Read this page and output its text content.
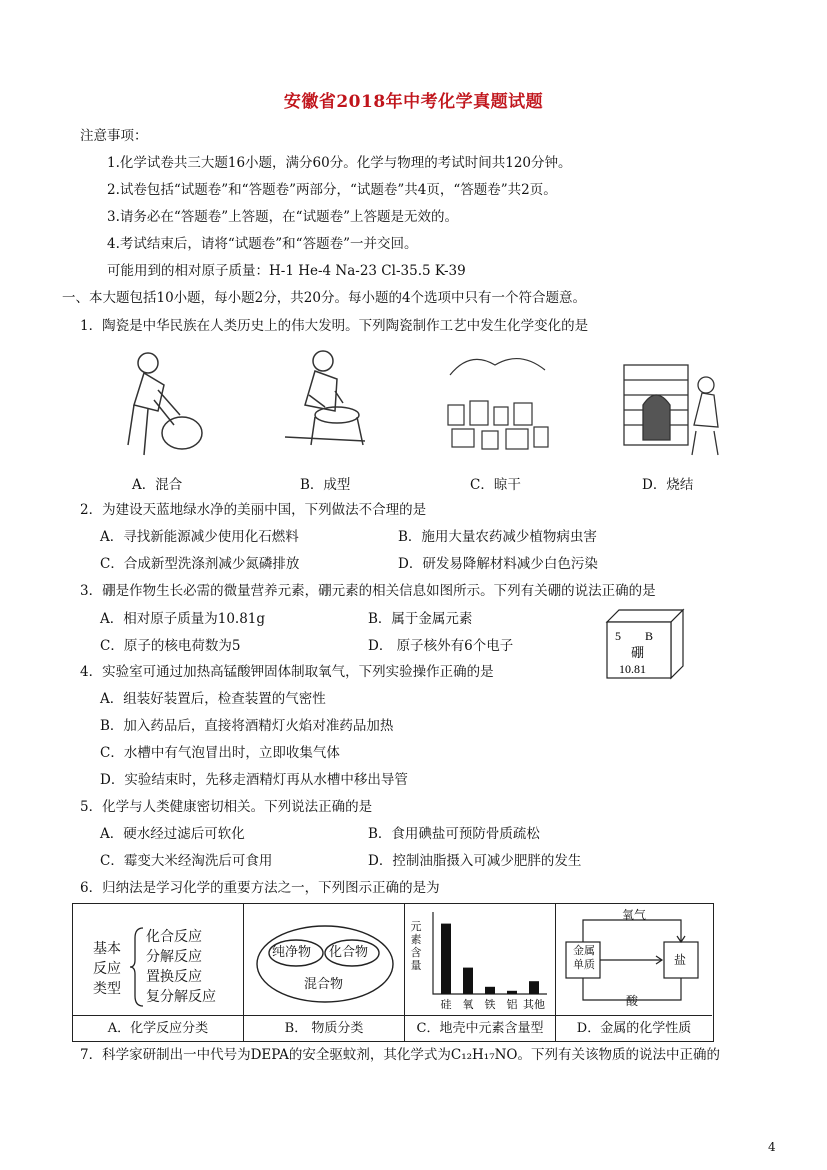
安徽省2018年中考化学真题试题
注意事项：
1.化学试卷共三大题16小题，满分60分。化学与物理的考试时间共120分钟。
2.试卷包括“试题卷”和“答题卷”两部分，“试题卷”共4页，“答题卷”共2页。
3.请务必在“答题卷”上答题，在“试题卷”上答题是无效的。
4.考试结束后，请将“试题卷”和“答题卷”一并交回。
可能用到的相对原子质量：H-1 He-4 Na-23 Cl-35.5 K-39
一、本大题包括10小题，每小题2分，共20分。每小题的4个选项中只有一个符合题意。
1．陶瓷是中华民族在人类历史上的伟大发明。下列陶瓷制作工艺中发生化学变化的是
A．混合	B．成型	C．晾干	D．烧结
2．为建设天蓝地绿水净的美丽中国，下列做法不合理的是
A．寻找新能源减少使用化石燃料	B．施用大量农药减少植物病虫害
C．合成新型洗涤剂减少氮磷排放	D．研发易降解材料减少白色污染
3．硼是作物生长必需的微量营养元素，硼元素的相关信息如图所示。下列有关硼的说法正确的是
A．相对原子质量为10.81g	B．属于金属元素
C．原子的核电荷数为5	D． 原子核外有6个电子
5 B
硼
10.81
4．实验室可通过加热高锰酸钾固体制取氧气，下列实验操作正确的是
A．组装好装置后，检查装置的气密性
B．加入药品后，直接将酒精灯火焰对准药品加热
C．水槽中有气泡冒出时，立即收集气体
D．实验结束时，先移走酒精灯再从水槽中移出导管
5．化学与人类健康密切相关。下列说法正确的是
A．硬水经过滤后可软化	B．食用碘盐可预防骨质疏松
C．霉变大米经淘洗后可食用	D．控制油脂摄入可减少肥胖的发生
6．归纳法是学习化学的重要方法之一，下列图示正确的是为
基本
反应
类型
化合反应
分解反应
置换反应
复分解反应
纯净物 化合物
混合物
元素含量
硅 氧 铁 铝 其他
氧气
酸
金属单质	盐
A．化学反应分类	B． 物质分类	C．地壳中元素含量型	D．金属的化学性质
7．科学家研制出一中代号为DEPA的安全驱蚊剂，其化学式为C₁₂H₁₇NO。下列有关该物质的说法中正确的
4
